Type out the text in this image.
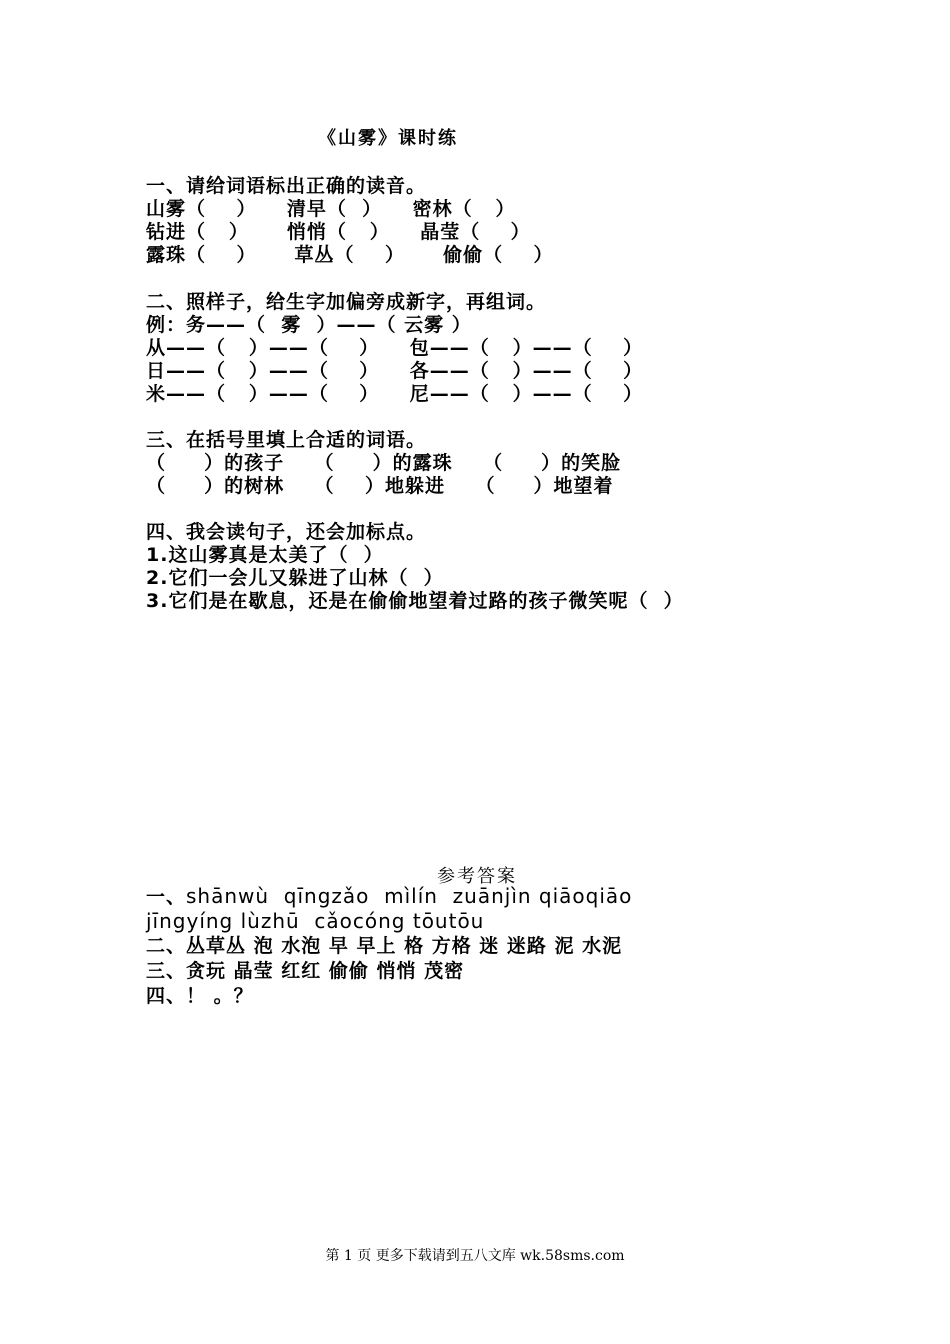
《山雾》课时练
一、请给词语标出正确的读音。
山雾（    ）    清早（  ）    密林（   ）
钻进（   ）     悄悄（   ）    晶莹（    ）
露珠（    ）     草丛（    ）     偷偷（    ）
二、照样子，给生字加偏旁成新字，再组词。
例：务——（  雾  ）——（ 云雾 ）
从——（   ）——（    ）    包——（   ）——（    ）
日——（   ）——（    ）    各——（   ）——（    ）
米——（   ）——（    ）    尼——（   ）——（    ）
三、在括号里填上合适的词语。
（     ）的孩子    （     ）的露珠    （     ）的笑脸
（     ）的树林    （    ）地躲进    （     ）地望着
四、我会读句子，还会加标点。
1.这山雾真是太美了（  ）
2.它们一会儿又躲进了山林（  ）
3.它们是在歇息，还是在偷偷地望着过路的孩子微笑呢（  ）
参考答案
一、shānwù  qīngzǎo  mìlín  zuānjìn qiāoqiāo
jīngyíng lùzhū  cǎocóng tōutōu
二、丛草丛 泡 水泡 早 早上 格 方格 迷 迷路 泥 水泥
三、贪玩 晶莹 红红 偷偷 悄悄 茂密
四、！ 。？
第 1 页 更多下载请到五八文库 wk.58sms.com
